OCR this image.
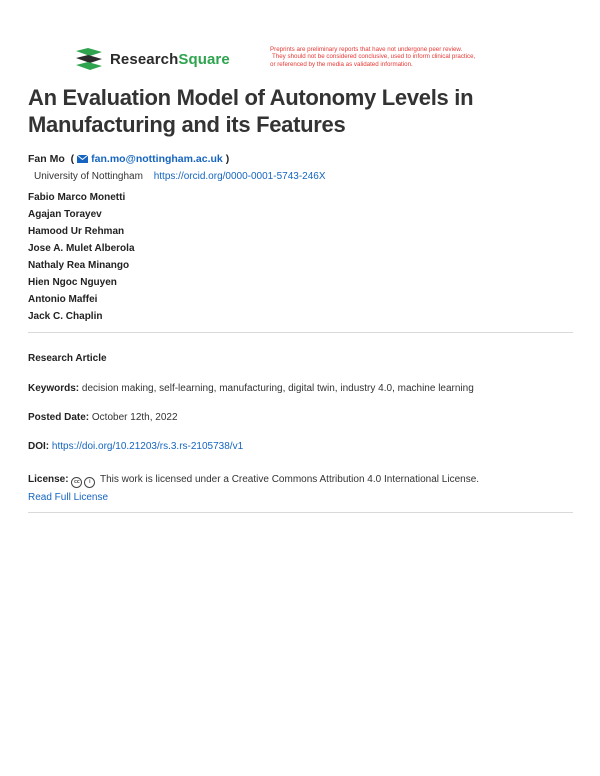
ResearchSquare
Preprints are preliminary reports that have not undergone peer review.
They should not be considered conclusive, used to inform clinical practice,
or referenced by the media as validated information.
An Evaluation Model of Autonomy Levels in Manufacturing and its Features
Fan Mo ( fan.mo@nottingham.ac.uk )
University of Nottingham https://orcid.org/0000-0001-5743-246X
Fabio Marco Monetti
Agajan Torayev
Hamood Ur Rehman
Jose A. Mulet Alberola
Nathaly Rea Minango
Hien Ngoc Nguyen
Antonio Maffei
Jack C. Chaplin
Research Article
Keywords: decision making, self-learning, manufacturing, digital twin, industry 4.0, machine learning
Posted Date: October 12th, 2022
DOI: https://doi.org/10.21203/rs.3.rs-2105738/v1
License: cc i This work is licensed under a Creative Commons Attribution 4.0 International License.
Read Full License
